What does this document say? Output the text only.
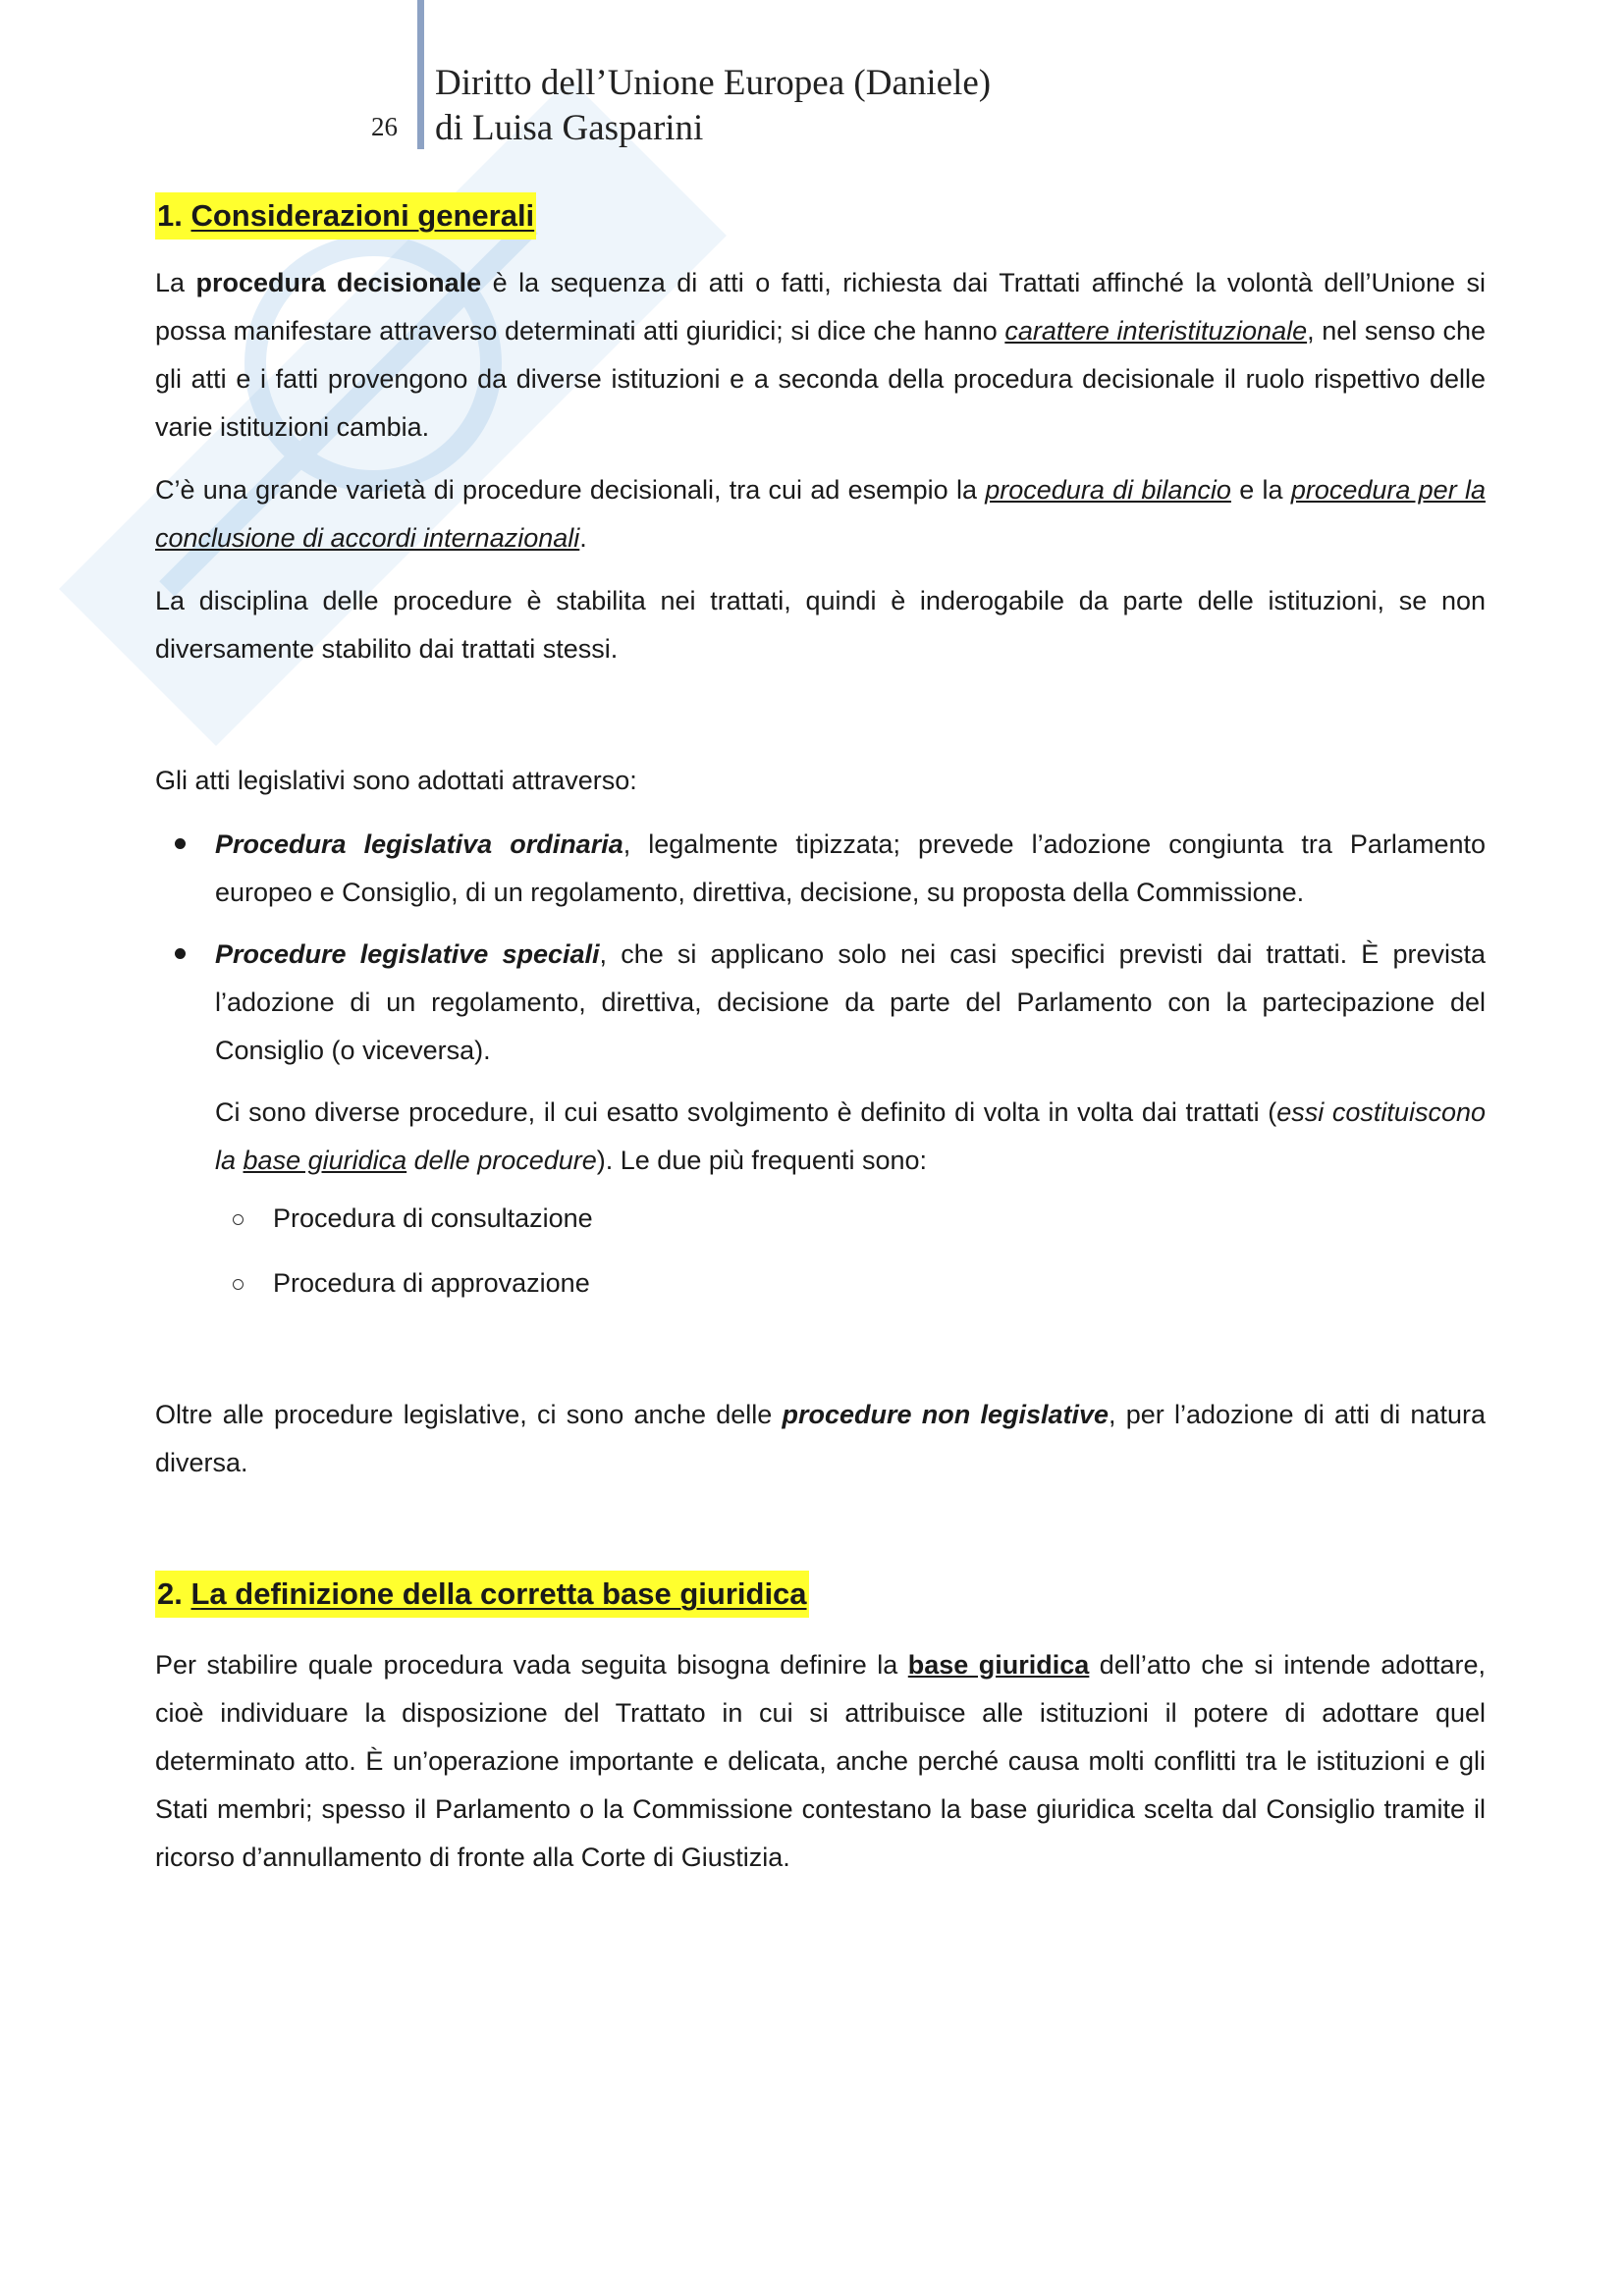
26
Diritto dell’Unione Europea (Daniele)
di Luisa Gasparini
1. Considerazioni generali

La procedura decisionale è la sequenza di atti o fatti, richiesta dai Trattati affinché la volontà dell’Unione si possa manifestare attraverso determinati atti giuridici; si dice che hanno carattere interistituzionale, nel senso che gli atti e i fatti provengono da diverse istituzioni e a seconda della procedura decisionale il ruolo rispettivo delle varie istituzioni cambia.

C’è una grande varietà di procedure decisionali, tra cui ad esempio la procedura di bilancio e la procedura per la conclusione di accordi internazionali.

La disciplina delle procedure è stabilita nei trattati, quindi è inderogabile da parte delle istituzioni, se non diversamente stabilito dai trattati stessi.

Gli atti legislativi sono adottati attraverso:

Procedura legislativa ordinaria, legalmente tipizzata; prevede l’adozione congiunta tra Parlamento europeo e Consiglio, di un regolamento, direttiva, decisione, su proposta della Commissione.
Procedure legislative speciali, che si applicano solo nei casi specifici previsti dai trattati. È prevista l’adozione di un regolamento, direttiva, decisione da parte del Parlamento con la partecipazione del Consiglio (o viceversa).

Ci sono diverse procedure, il cui esatto svolgimento è definito di volta in volta dai trattati (essi costituiscono la base giuridica delle procedure). Le due più frequenti sono:

Procedura di consultazione
Procedura di approvazione

Oltre alle procedure legislative, ci sono anche delle procedure non legislative, per l’adozione di atti di natura diversa.

2. La definizione della corretta base giuridica

Per stabilire quale procedura vada seguita bisogna definire la base giuridica dell’atto che si intende adottare, cioè individuare la disposizione del Trattato in cui si attribuisce alle istituzioni il potere di adottare quel determinato atto. È un’operazione importante e delicata, anche perché causa molti conflitti tra le istituzioni e gli Stati membri; spesso il Parlamento o la Commissione contestano la base giuridica scelta dal Consiglio tramite il ricorso d’annullamento di fronte alla Corte di Giustizia.
